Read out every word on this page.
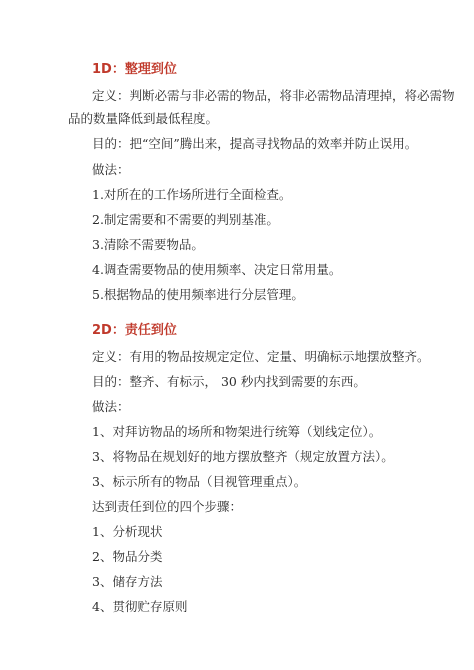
1D：整理到位
定义：判断必需与非必需的物品，将非必需物品清理掉，将必需物
品的数量降低到最低程度。
目的：把“空间”腾出来，提高寻找物品的效率并防止误用。
做法：
1.对所在的工作场所进行全面检查。
2.制定需要和不需要的判别基准。
3.清除不需要物品。
4.调查需要物品的使用频率、决定日常用量。
5.根据物品的使用频率进行分层管理。
2D：责任到位
定义：有用的物品按规定定位、定量、明确标示地摆放整齐。
目的：整齐、有标示， 30 秒内找到需要的东西。
做法：
1、对拜访物品的场所和物架进行统筹（划线定位）。
3、将物品在规划好的地方摆放整齐（规定放置方法）。
3、标示所有的物品（目视管理重点）。
达到责任到位的四个步骤：
1、分析现状
2、物品分类
3、储存方法
4、贯彻贮存原则
